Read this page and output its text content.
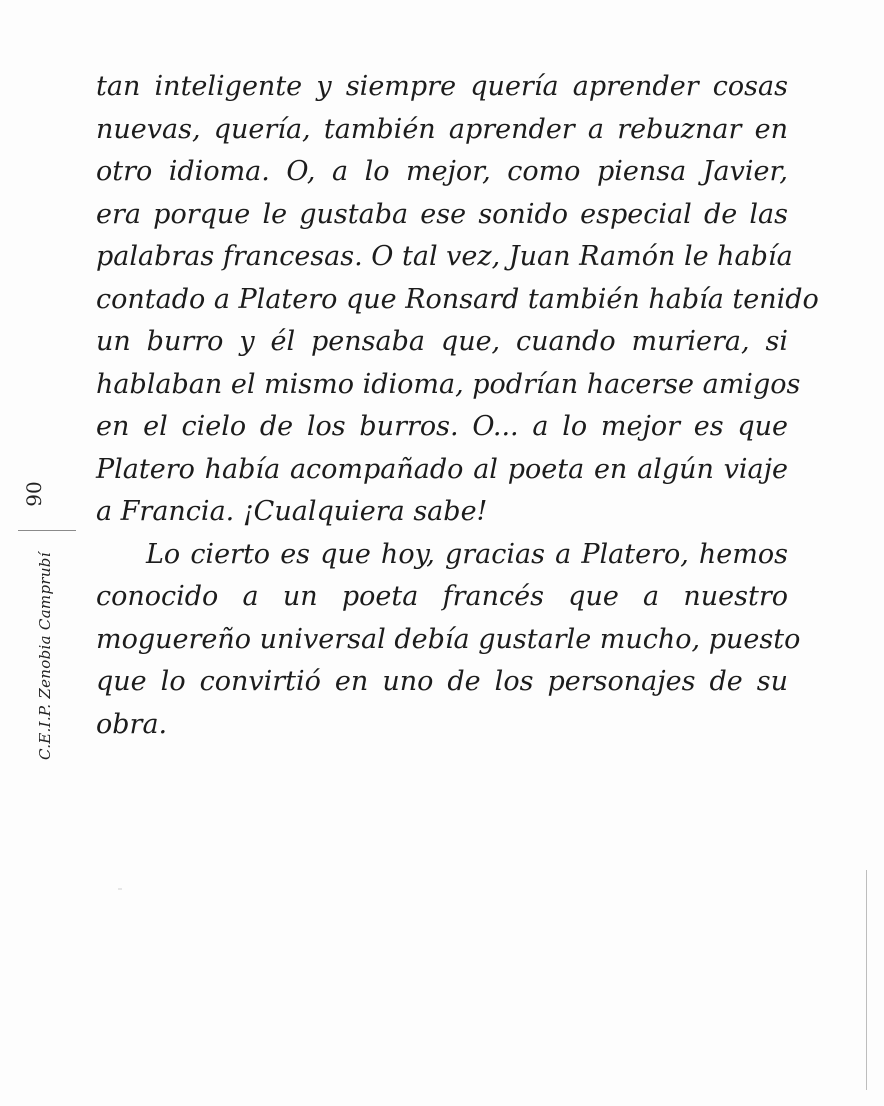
90
C.E.I.P. Zenobia Camprubí
tan inteligente y siempre quería aprender cosas
nuevas, quería, también aprender a rebuznar en
otro idioma. O, a lo mejor, como piensa Javier,
era porque le gustaba ese sonido especial de las
palabras francesas. O tal vez, Juan Ramón le había
contado a Platero que Ronsard también había tenido
un burro y él pensaba que, cuando muriera, si
hablaban el mismo idioma, podrían hacerse amigos
en el cielo de los burros. O... a lo mejor es que
Platero había acompañado al poeta en algún viaje
a Francia. ¡Cualquiera sabe!
Lo cierto es que hoy, gracias a Platero, hemos
conocido a un poeta francés que a nuestro
moguereño universal debía gustarle mucho, puesto
que lo convirtió en uno de los personajes de su
obra.
